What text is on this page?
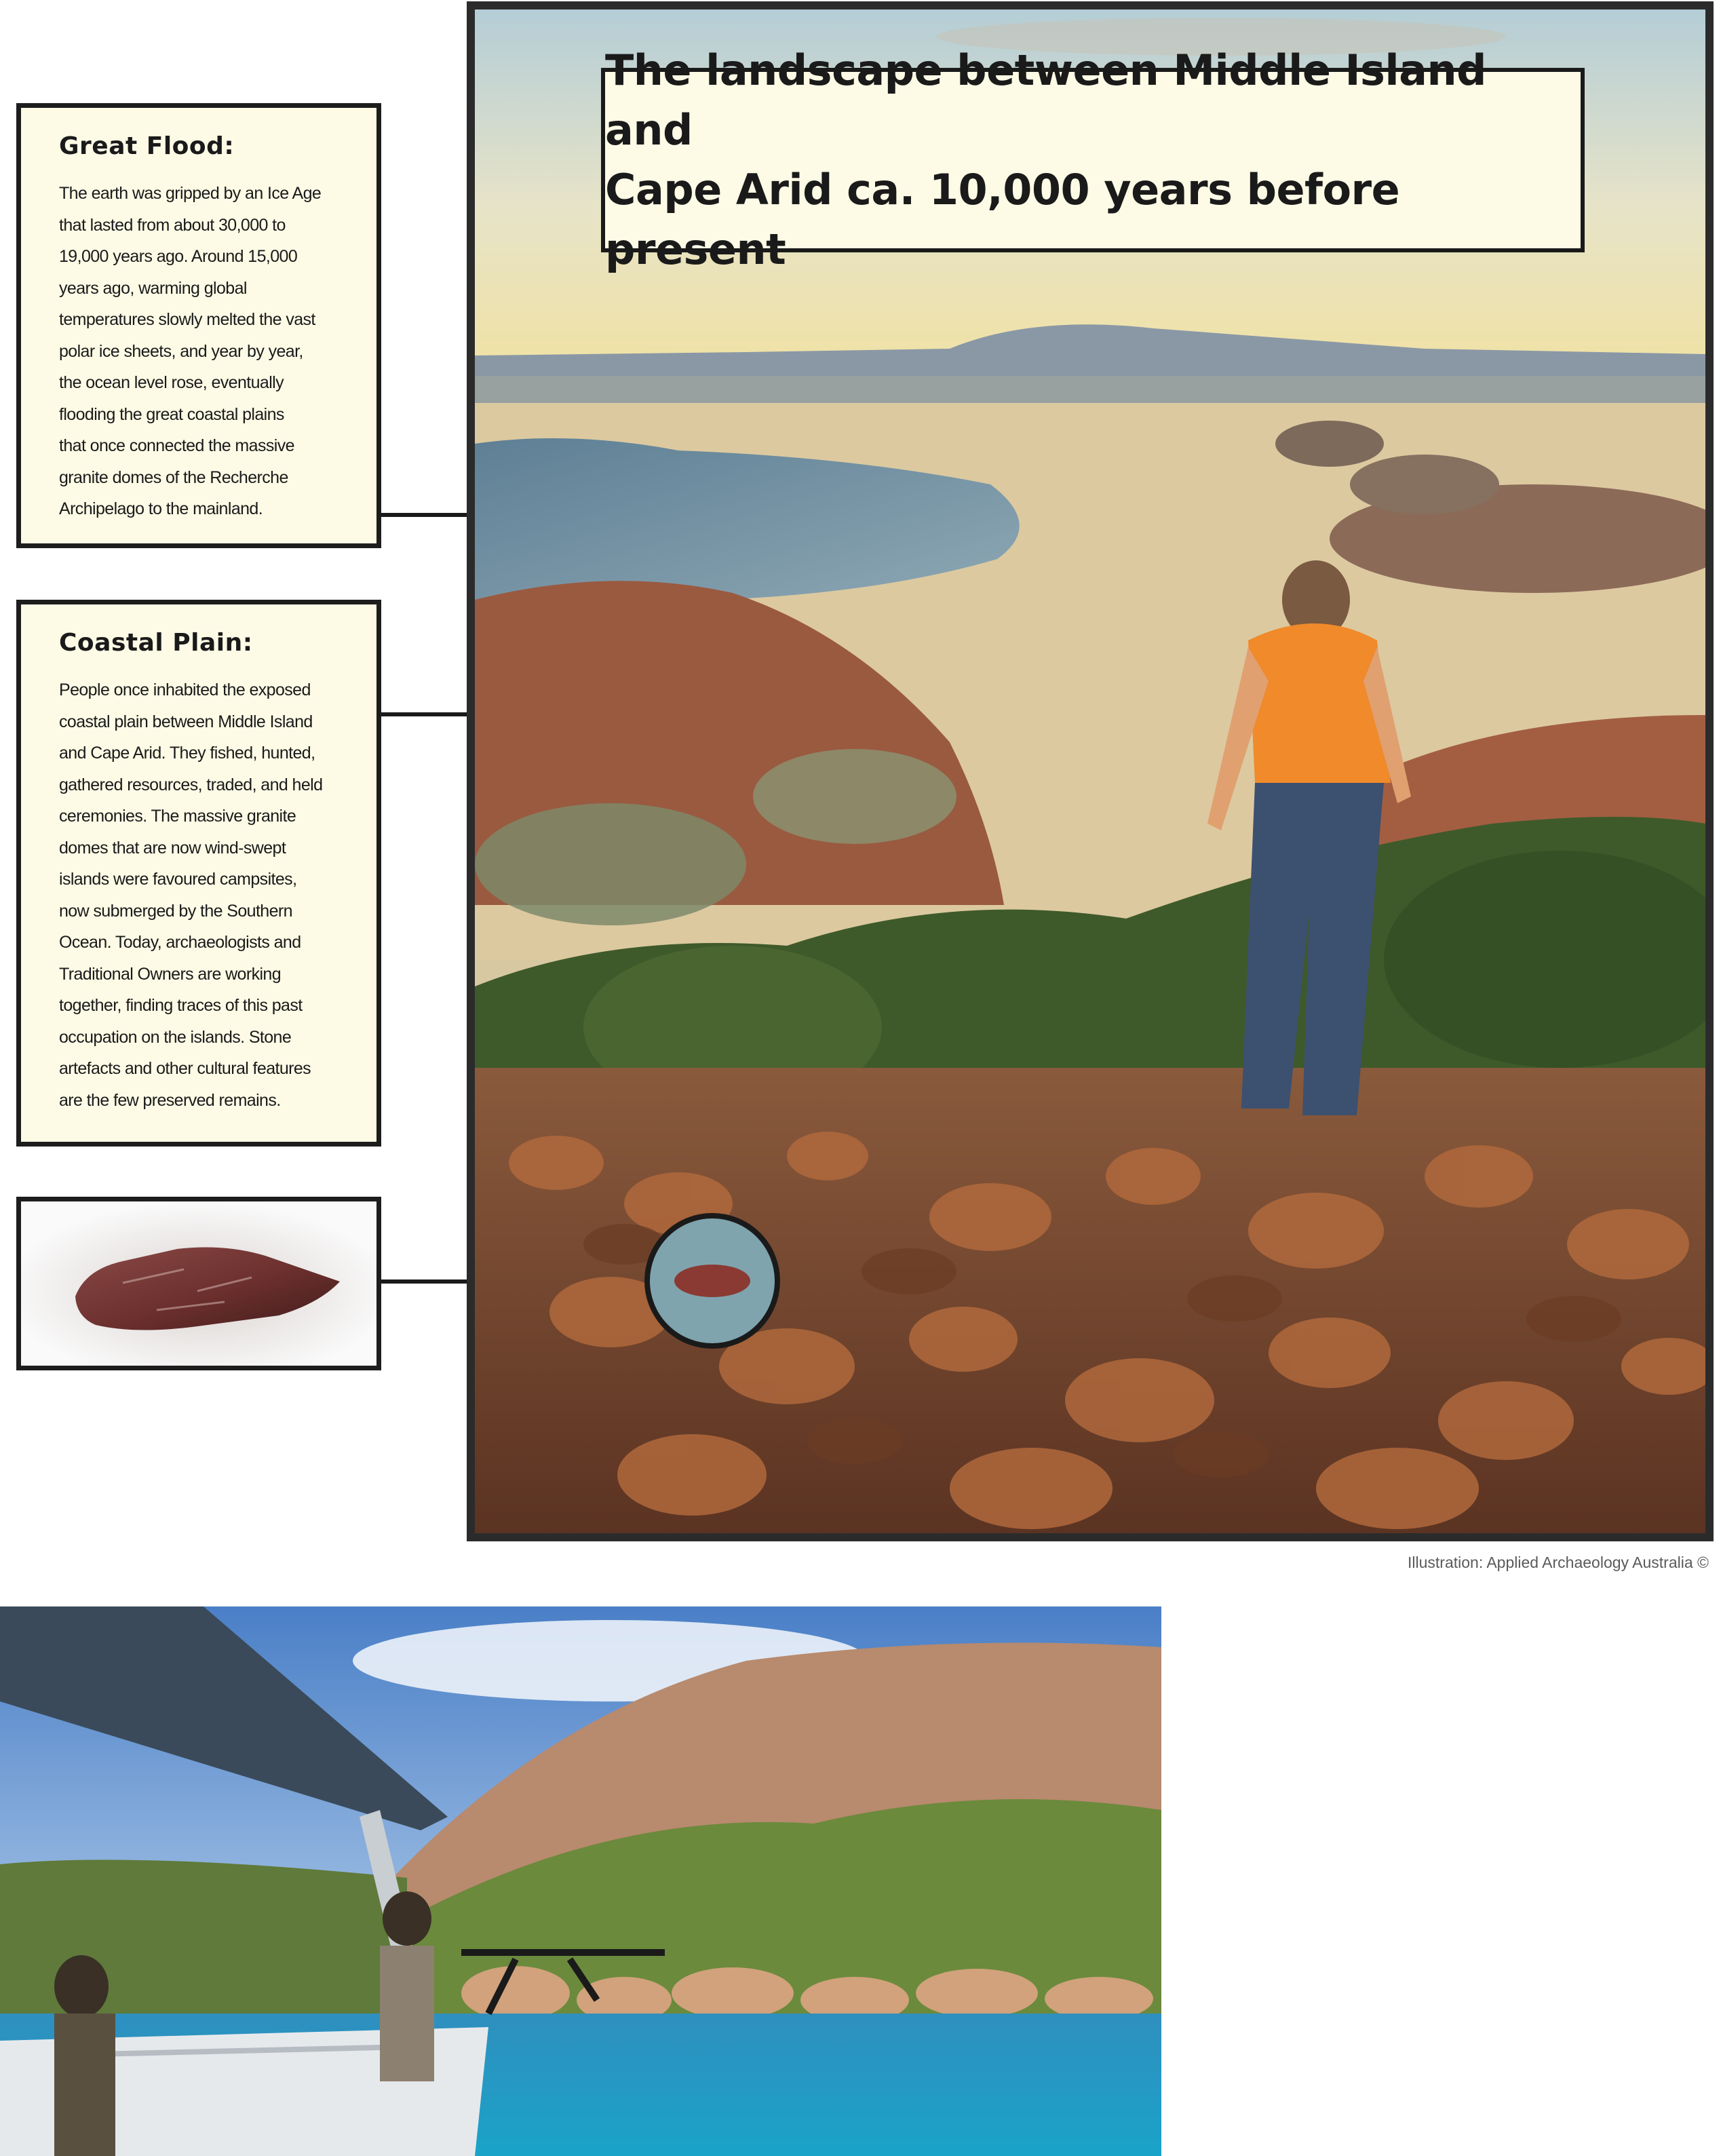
Great Flood:

The earth was gripped by an Ice Age
that lasted from about 30,000 to
19,000 years ago. Around 15,000
years ago, warming global
temperatures slowly melted the vast
polar ice sheets, and year by year,
the ocean level rose, eventually
flooding the great coastal plains
that once connected the massive
granite domes of the Recherche
Archipelago to the mainland.

Coastal Plain:

People once inhabited the exposed
coastal plain between Middle Island
and Cape Arid. They fished, hunted,
gathered resources, traded, and held
ceremonies. The massive granite
domes that are now wind-swept
islands were favoured campsites,
now submerged by the Southern
Ocean. Today, archaeologists and
Traditional Owners are working
together, finding traces of this past
occupation on the islands. Stone
artefacts and other cultural features
are the few preserved remains.

The landscape between Middle Island and
Cape Arid ca. 10,000 years before present
Illustration: Applied Archaeology Australia ©
